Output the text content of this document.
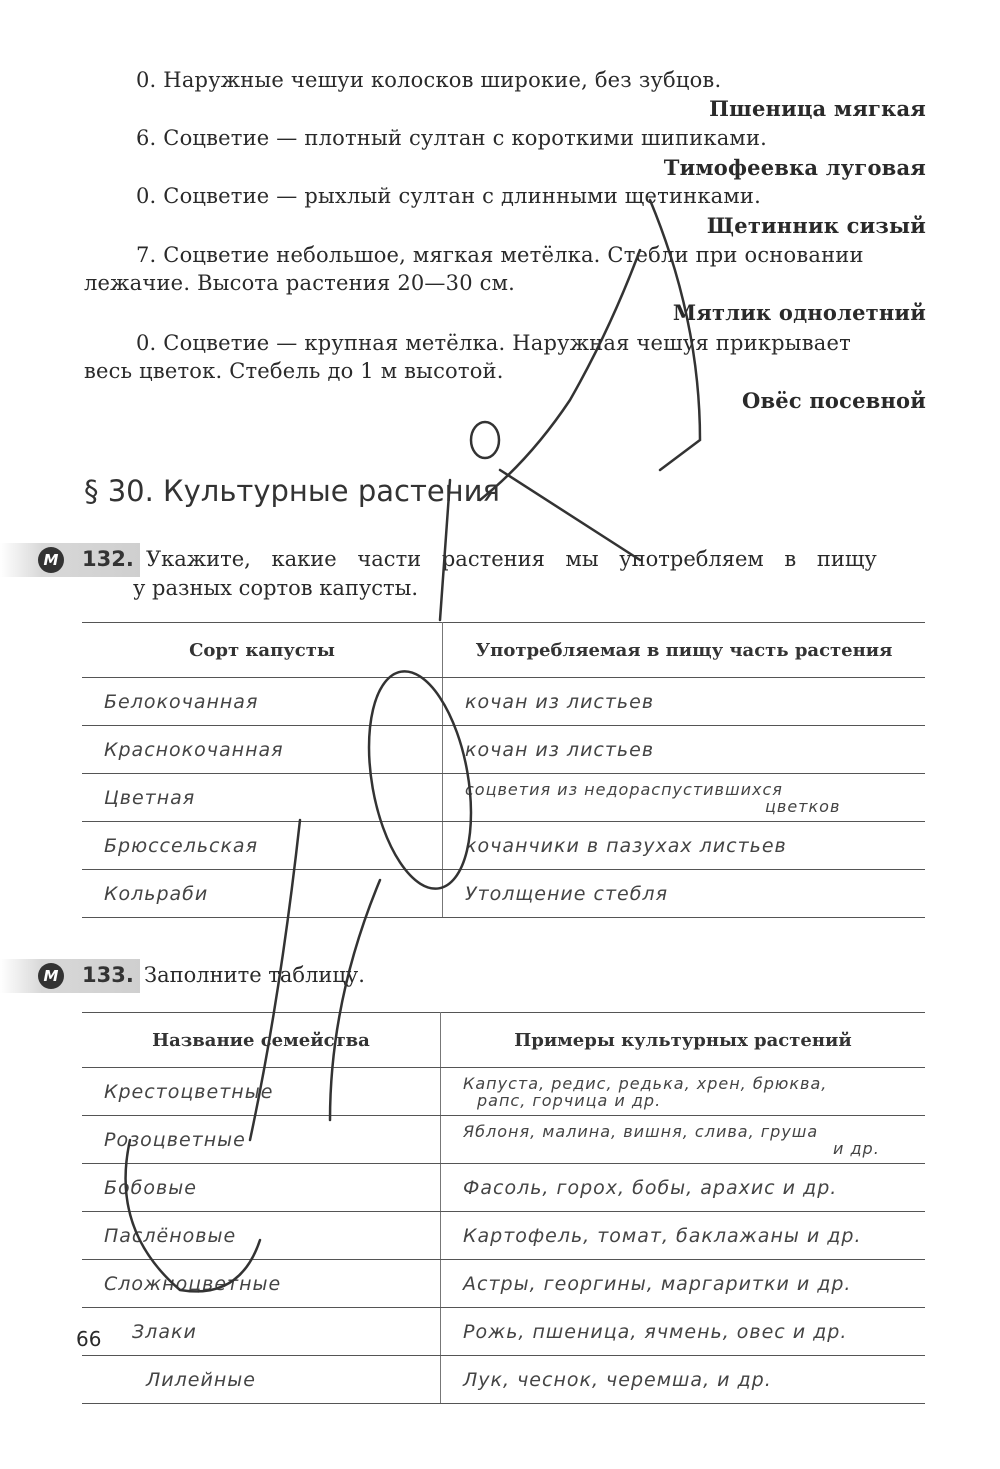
0. Наружные чешуи колосков широкие, без зубцов.
Пшеница мягкая
6. Соцветие — плотный султан с короткими шипиками.
Тимофеевка луговая
0. Соцветие — рыхлый султан с длинными щетинками.
Щетинник сизый
7. Соцветие небольшое, мягкая метёлка. Стебли при основании
лежачие. Высота растения 20—30 см.
Мятлик однолетний
0. Соцветие — крупная метёлка. Наружная чешуя прикрывает
весь цветок. Стебель до 1 м высотой.
Овёс посевной
§ 30. Культурные растения
М 132. Укажите, какие части растения мы употребляем в пищу
у разных сортов капусты.
Сорт капусты	Употребляемая в пищу часть растения
Белокочанная	кочан из листьев
Краснокочанная	кочан из листьев
Цветная	соцветия из недораспустившихся
цветков

Брюссельская	кочанчики в пазухах листьев
Кольраби	Утолщение стебля
М 133. Заполните таблицу.
Название семейства	Примеры культурных растений
Крестоцветные	Капуста, редис, редька, хрен, брюква,
рапс, горчица и др.

Розоцветные	Яблоня, малина, вишня, слива, груша
и др.

Бобовые	Фасоль, горох, бобы, арахис и др.
Паслёновые	Картофель, томат, баклажаны и др.
Сложноцветные	Астры, георгины, маргаритки и др.
Злаки	Рожь, пшеница, ячмень, овес и др.
Лилейные	Лук, чеснок, черемша, и др.
66
